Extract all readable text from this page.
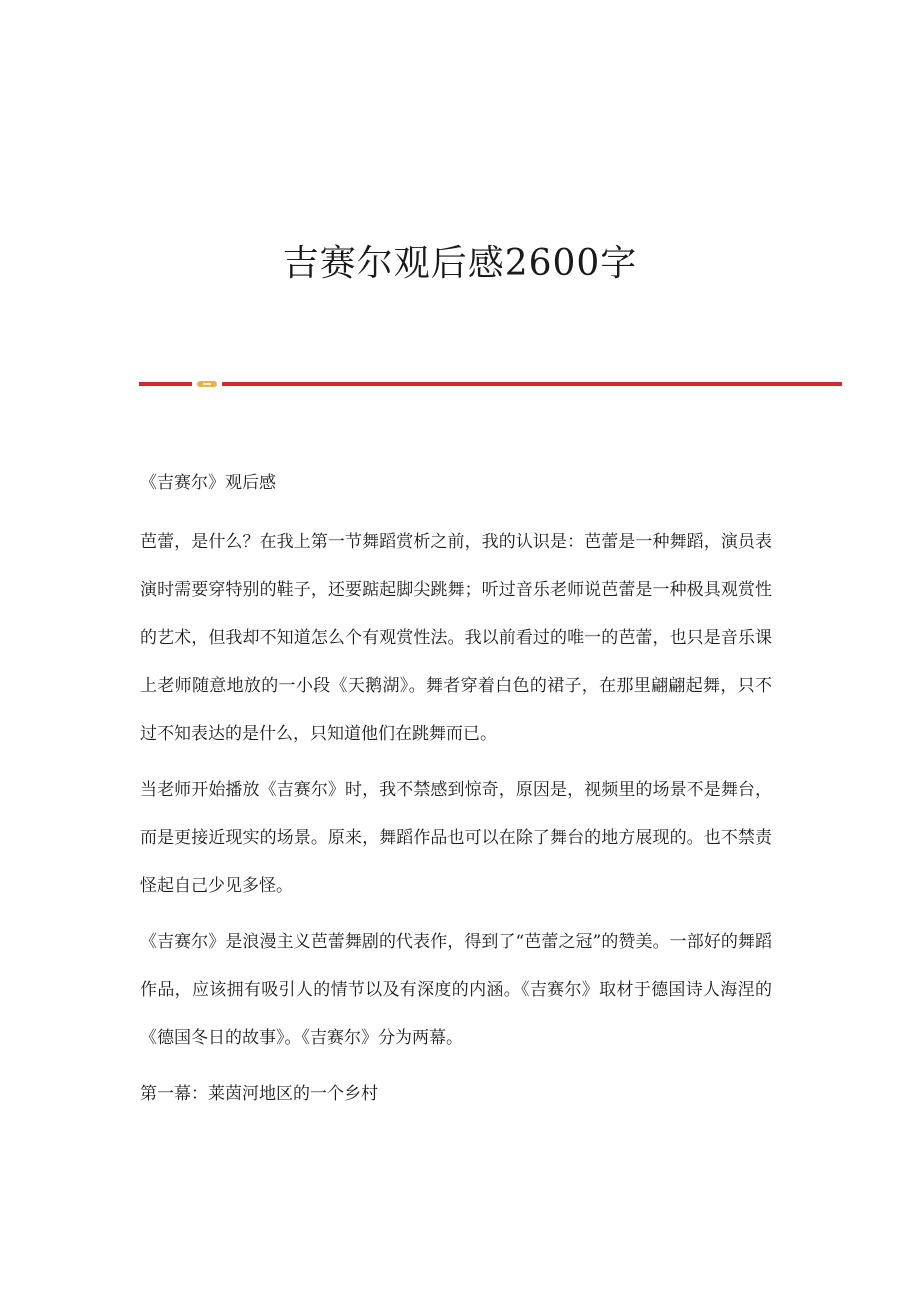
吉赛尔观后感2600字

《吉赛尔》观后感

芭蕾，是什么？在我上第一节舞蹈赏析之前，我的认识是：芭蕾是一种舞蹈，演员表演时需要穿特别的鞋子，还要踮起脚尖跳舞；听过音乐老师说芭蕾是一种极具观赏性的艺术，但我却不知道怎么个有观赏性法。我以前看过的唯一的芭蕾，也只是音乐课上老师随意地放的一小段《天鹅湖》。舞者穿着白色的裙子，在那里翩翩起舞，只不过不知表达的是什么，只知道他们在跳舞而已。

当老师开始播放《吉赛尔》时，我不禁感到惊奇，原因是，视频里的场景不是舞台，而是更接近现实的场景。原来，舞蹈作品也可以在除了舞台的地方展现的。也不禁责怪起自己少见多怪。

《吉赛尔》是浪漫主义芭蕾舞剧的代表作，得到了“芭蕾之冠”的赞美。一部好的舞蹈作品，应该拥有吸引人的情节以及有深度的内涵。《吉赛尔》取材于德国诗人海涅的《德国冬日的故事》。《吉赛尔》分为两幕。

第一幕：莱茵河地区的一个乡村
